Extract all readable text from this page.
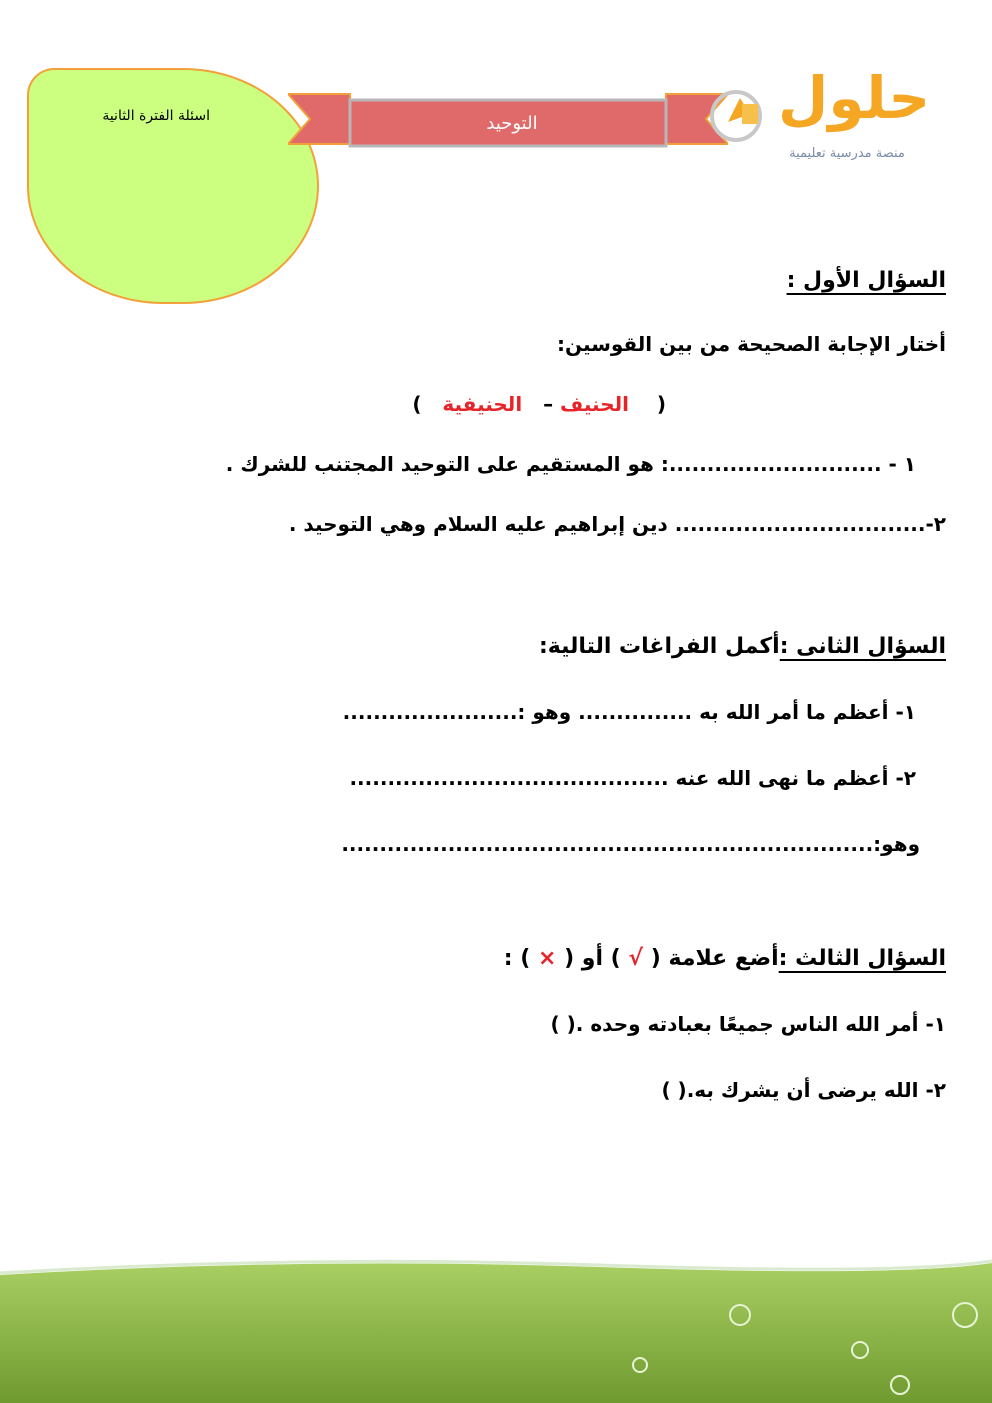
اسئلة الفترة الثانية	التوحيد	حلول
منصة مدرسية تعليمية
السؤال الأول :
أختار الإجابة الصحيحة من بين القوسين:
(    الحنيف –   الحنيفية   )
١ - ............................: هو المستقيم على التوحيد المجتنب للشرك .
٢-................................. دين إبراهيم عليه السلام وهي التوحيد .
السؤال الثانى :أكمل الفراغات التالية:
١- أعظم ما أمر الله به ............... وهو :.......................
٢- أعظم ما نهى الله عنه ..........................................
وهو:......................................................................
السؤال الثالث :أضع علامة ( √ ) أو ( × ) :
١- أمر الله الناس جميعًا بعبادته وحده .( )
٢- الله يرضى أن يشرك به.( )
